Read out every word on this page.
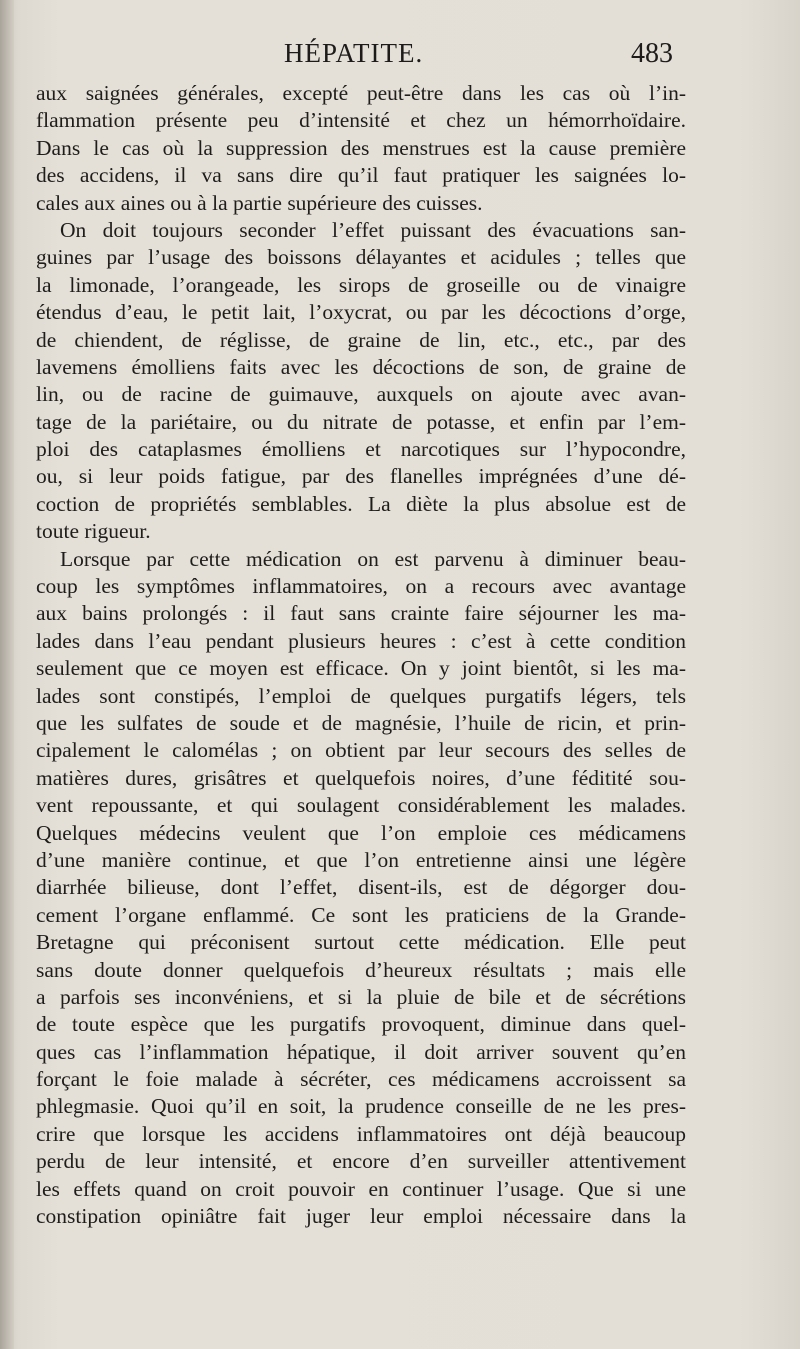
HÉPATITE.	483
aux saignées générales, excepté peut-être dans les cas où l’in-
flammation présente peu d’intensité et chez un hémorrhoïdaire.
Dans le cas où la suppression des menstrues est la cause première
des accidens, il va sans dire qu’il faut pratiquer les saignées lo-
cales aux aines ou à la partie supérieure des cuisses.
On doit toujours seconder l’effet puissant des évacuations san-
guines par l’usage des boissons délayantes et acidules ; telles que
la limonade, l’orangeade, les sirops de groseille ou de vinaigre
étendus d’eau, le petit lait, l’oxycrat, ou par les décoctions d’orge,
de chiendent, de réglisse, de graine de lin, etc., etc., par des
lavemens émolliens faits avec les décoctions de son, de graine de
lin, ou de racine de guimauve, auxquels on ajoute avec avan-
tage de la pariétaire, ou du nitrate de potasse, et enfin par l’em-
ploi des cataplasmes émolliens et narcotiques sur l’hypocondre,
ou, si leur poids fatigue, par des flanelles imprégnées d’une dé-
coction de propriétés semblables. La diète la plus absolue est de
toute rigueur.
Lorsque par cette médication on est parvenu à diminuer beau-
coup les symptômes inflammatoires, on a recours avec avantage
aux bains prolongés : il faut sans crainte faire séjourner les ma-
lades dans l’eau pendant plusieurs heures : c’est à cette condition
seulement que ce moyen est efficace. On y joint bientôt, si les ma-
lades sont constipés, l’emploi de quelques purgatifs légers, tels
que les sulfates de soude et de magnésie, l’huile de ricin, et prin-
cipalement le calomélas ; on obtient par leur secours des selles de
matières dures, grisâtres et quelquefois noires, d’une féditité sou-
vent repoussante, et qui soulagent considérablement les malades.
Quelques médecins veulent que l’on emploie ces médicamens
d’une manière continue, et que l’on entretienne ainsi une légère
diarrhée bilieuse, dont l’effet, disent-ils, est de dégorger dou-
cement l’organe enflammé. Ce sont les praticiens de la Grande-
Bretagne qui préconisent surtout cette médication. Elle peut
sans doute donner quelquefois d’heureux résultats ; mais elle
a parfois ses inconvéniens, et si la pluie de bile et de sécrétions
de toute espèce que les purgatifs provoquent, diminue dans quel-
ques cas l’inflammation hépatique, il doit arriver souvent qu’en
forçant le foie malade à sécréter, ces médicamens accroissent sa
phlegmasie. Quoi qu’il en soit, la prudence conseille de ne les pres-
crire que lorsque les accidens inflammatoires ont déjà beaucoup
perdu de leur intensité, et encore d’en surveiller attentivement
les effets quand on croit pouvoir en continuer l’usage. Que si une
constipation opiniâtre fait juger leur emploi nécessaire dans la
